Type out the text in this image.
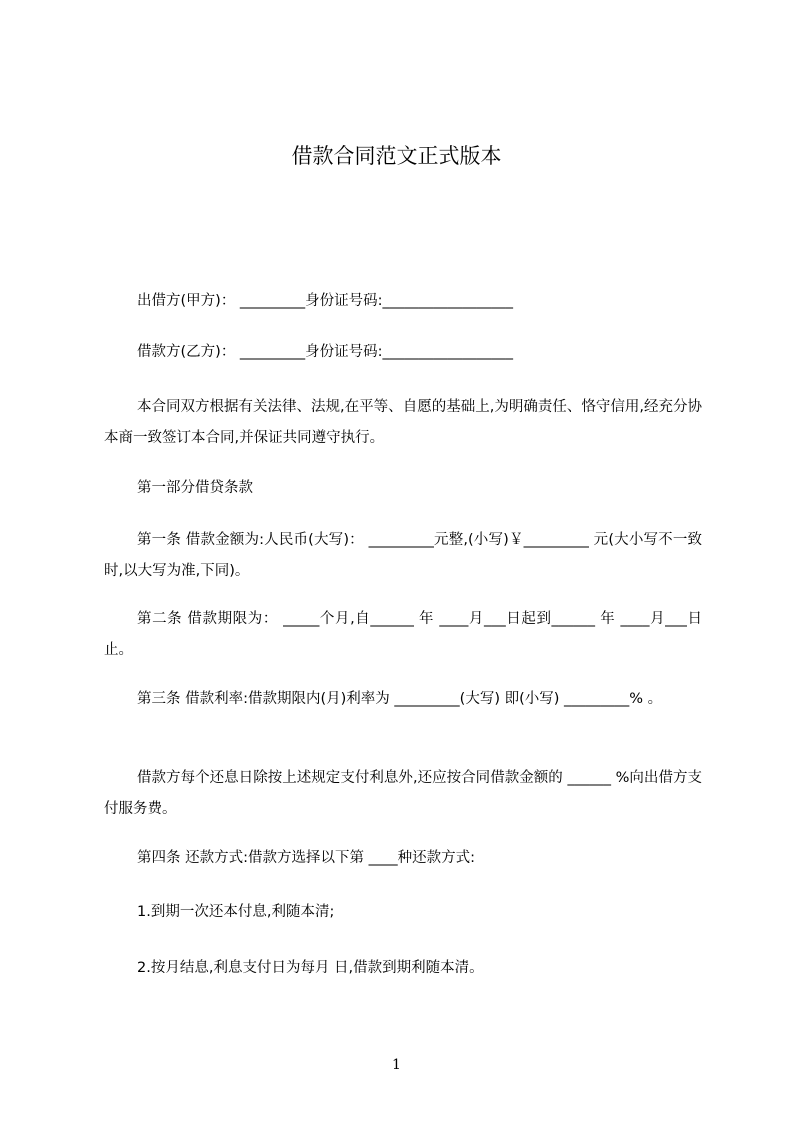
借款合同范文正式版本

出借方(甲方)： _________身份证号码:__________________

借款方(乙方)： _________身份证号码:__________________

本合同双方根据有关法律、法规,在平等、自愿的基础上,为明确责任、恪守信用,经充分协本商一致签订本合同,并保证共同遵守执行。

第一部分借贷条款

第一条 借款金额为:人民币(大写)： _________元整,(小写)￥_________ 元(大小写不一致时,以大写为准,下同)。

第二条 借款期限为： _____个月,自______ 年 ____月___日起到______ 年 ____月___日止。

第三条 借款利率:借款期限内(月)利率为 _________(大写) 即(小写) _________% 。

借款方每个还息日除按上述规定支付利息外,还应按合同借款金额的 ______ %向出借方支付服务费。

第四条 还款方式:借款方选择以下第 ____种还款方式:

1.到期一次还本付息,利随本清;

2.按月结息,利息支付日为每月 日,借款到期利随本清。

1
